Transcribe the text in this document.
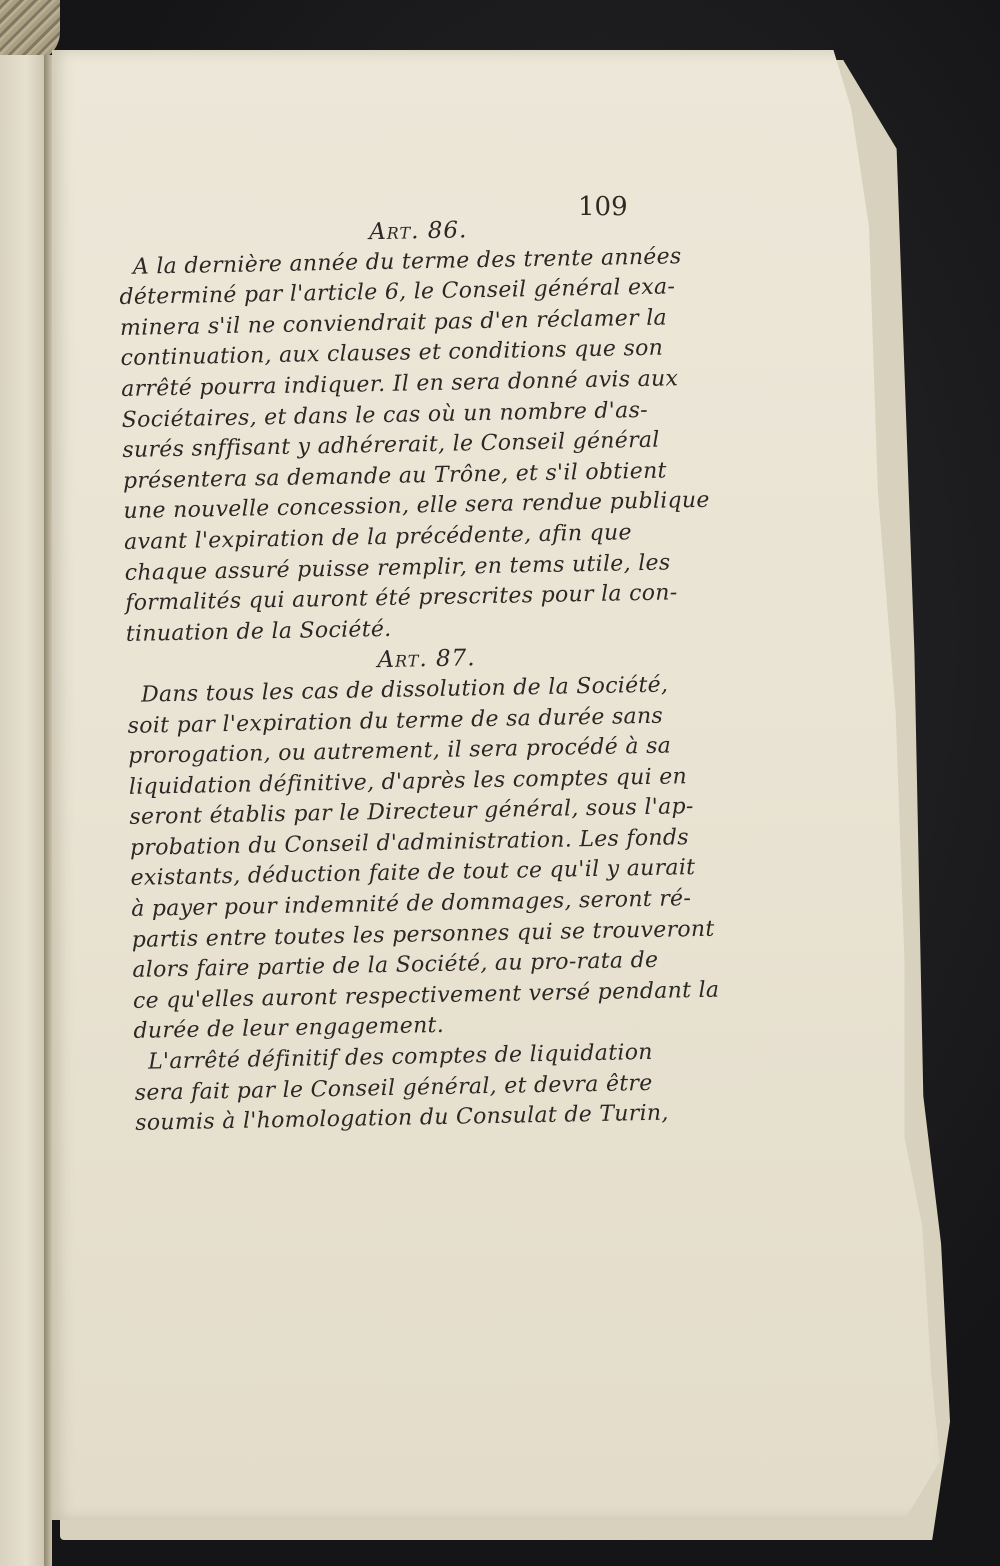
109

Art. 86.

A la dernière année du terme des trente années
déterminé par l'article 6, le Conseil général exa-
minera s'il ne conviendrait pas d'en réclamer la
continuation, aux clauses et conditions que son
arrêté pourra indiquer. Il en sera donné avis aux
Sociétaires, et dans le cas où un nombre d'as-
surés snffisant y adhérerait, le Conseil général
présentera sa demande au Trône, et s'il obtient
une nouvelle concession, elle sera rendue publique
avant l'expiration de la précédente, afin que
chaque assuré puisse remplir, en tems utile, les
formalités qui auront été prescrites pour la con-
tinuation de la Société.

Art. 87.

Dans tous les cas de dissolution de la Société,
soit par l'expiration du terme de sa durée sans
prorogation, ou autrement, il sera procédé à sa
liquidation définitive, d'après les comptes qui en
seront établis par le Directeur général, sous l'ap-
probation du Conseil d'administration. Les fonds
existants, déduction faite de tout ce qu'il y aurait
à payer pour indemnité de dommages, seront ré-
partis entre toutes les personnes qui se trouveront
alors faire partie de la Société, au pro-rata de
ce qu'elles auront respectivement versé pendant la
durée de leur engagement.

L'arrêté définitif des comptes de liquidation
sera fait par le Conseil général, et devra être
soumis à l'homologation du Consulat de Turin,
